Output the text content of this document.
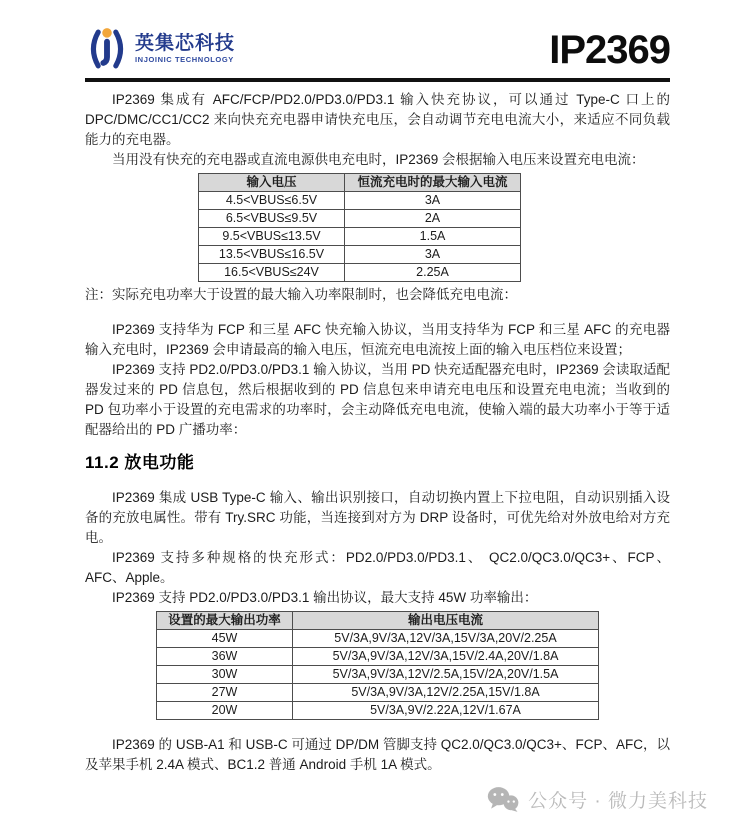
英集芯科技
INJOINIC TECHNOLOGY	IP2369

IP2369 集成有 AFC/FCP/PD2.0/PD3.0/PD3.1 输入快充协议，可以通过 Type-C 口上的 DPC/DMC/CC1/CC2 来向快充充电器申请快充电压，会自动调节充电电流大小，来适应不同负载能力的充电器。

当用没有快充的充电器或直流电源供电充电时，IP2369 会根据输入电压来设置充电电流：

输入电压	恒流充电时的最大输入电流
4.5<VBUS≤6.5V	3A
6.5<VBUS≤9.5V	2A
9.5<VBUS≤13.5V	1.5A
13.5<VBUS≤16.5V	3A
16.5<VBUS≤24V	2.25A

注：实际充电功率大于设置的最大输入功率限制时，也会降低充电电流：

IP2369 支持华为 FCP 和三星 AFC 快充输入协议，当用支持华为 FCP 和三星 AFC 的充电器输入充电时，IP2369 会申请最高的输入电压，恒流充电电流按上面的输入电压档位来设置；

IP2369 支持 PD2.0/PD3.0/PD3.1 输入协议，当用 PD 快充适配器充电时，IP2369 会读取适配器发过来的 PD 信息包，然后根据收到的 PD 信息包来申请充电电压和设置充电电流；当收到的 PD 包功率小于设置的充电需求的功率时，会主动降低充电电流，使输入端的最大功率小于等于适配器给出的 PD 广播功率：

11.2 放电功能

IP2369 集成 USB Type-C 输入、输出识别接口，自动切换内置上下拉电阻，自动识别插入设备的充放电属性。带有 Try.SRC 功能，当连接到对方为 DRP 设备时，可优先给对外放电给对方充电。

IP2369 支持多种规格的快充形式：PD2.0/PD3.0/PD3.1、 QC2.0/QC3.0/QC3+、FCP、AFC、Apple。

IP2369 支持 PD2.0/PD3.0/PD3.1 输出协议，最大支持 45W 功率输出：

设置的最大输出功率	输出电压电流
45W	5V/3A,9V/3A,12V/3A,15V/3A,20V/2.25A
36W	5V/3A,9V/3A,12V/3A,15V/2.4A,20V/1.8A
30W	5V/3A,9V/3A,12V/2.5A,15V/2A,20V/1.5A
27W	5V/3A,9V/3A,12V/2.25A,15V/1.8A
20W	5V/3A,9V/2.22A,12V/1.67A

IP2369 的 USB-A1 和 USB-C 可通过 DP/DM 管脚支持 QC2.0/QC3.0/QC3+、FCP、AFC，以及苹果手机 2.4A 模式、BC1.2 普通 Android 手机 1A 模式。

公众号 · 微力美科技
